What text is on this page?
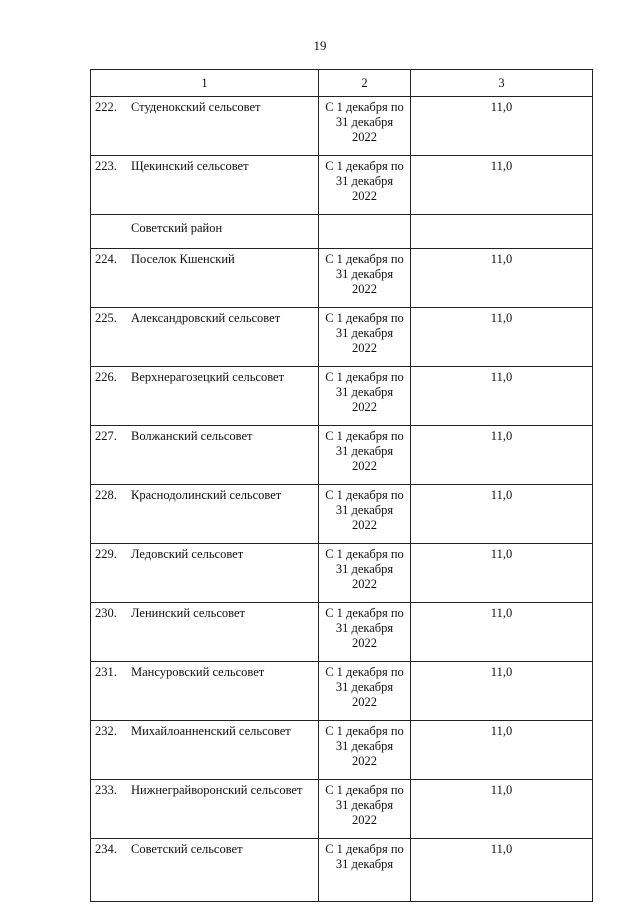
19
1	2	3
222. Студенокский сельсовет	С 1 декабря по
31 декабря
2022	11,0
223. Щекинский сельсовет	С 1 декабря по
31 декабря
2022	11,0
Советский район		
224. Поселок Кшенский	С 1 декабря по
31 декабря
2022	11,0
225. Александровский сельсовет	С 1 декабря по
31 декабря
2022	11,0
226. Верхнерагозецкий сельсовет	С 1 декабря по
31 декабря
2022	11,0
227. Волжанский сельсовет	С 1 декабря по
31 декабря
2022	11,0
228. Краснодолинский сельсовет	С 1 декабря по
31 декабря
2022	11,0
229. Ледовский сельсовет	С 1 декабря по
31 декабря
2022	11,0
230. Ленинский сельсовет	С 1 декабря по
31 декабря
2022	11,0
231. Мансуровский сельсовет	С 1 декабря по
31 декабря
2022	11,0
232. Михайлоанненский сельсовет	С 1 декабря по
31 декабря
2022	11,0
233. Нижнеграйворонский сельсовет	С 1 декабря по
31 декабря
2022	11,0
234. Советский сельсовет	С 1 декабря по
31 декабря	11,0
